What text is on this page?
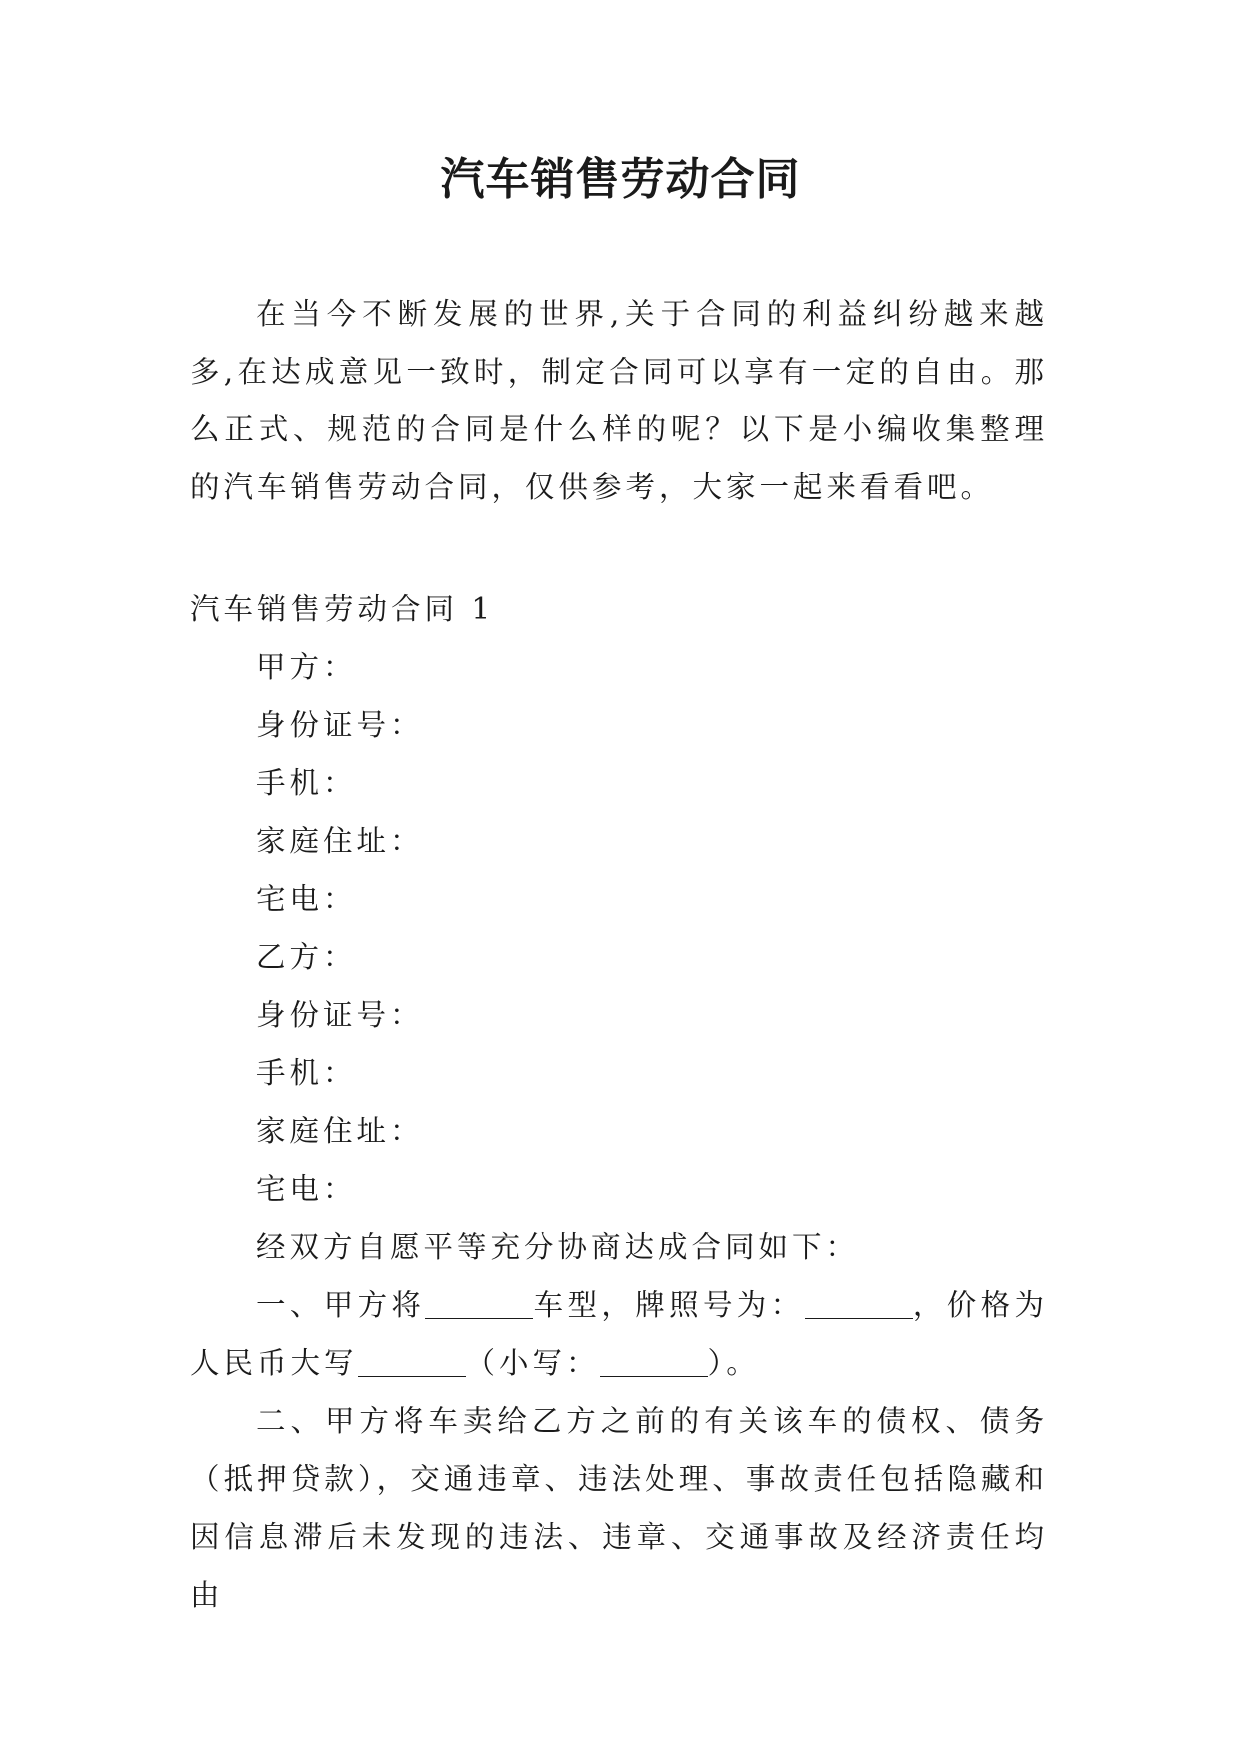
汽车销售劳动合同
在当今不断发展的世界,关于合同的利益纠纷越来越多,在达成意见一致时，制定合同可以享有一定的自由。那么正式、规范的合同是什么样的呢？以下是小编收集整理的汽车销售劳动合同，仅供参考，大家一起来看看吧。

汽车销售劳动合同 1

甲方：

身份证号：

手机：

家庭住址：

宅电：

乙方：

身份证号：

手机：

家庭住址：

宅电：

经双方自愿平等充分协商达成合同如下：

一、甲方将	车型，牌照号为：	，价格为人民币大写	（小写：	）。

二、甲方将车卖给乙方之前的有关该车的债权、债务（抵押贷款），交通违章、违法处理、事故责任包括隐藏和因信息滞后未发现的违法、违章、交通事故及经济责任均由
